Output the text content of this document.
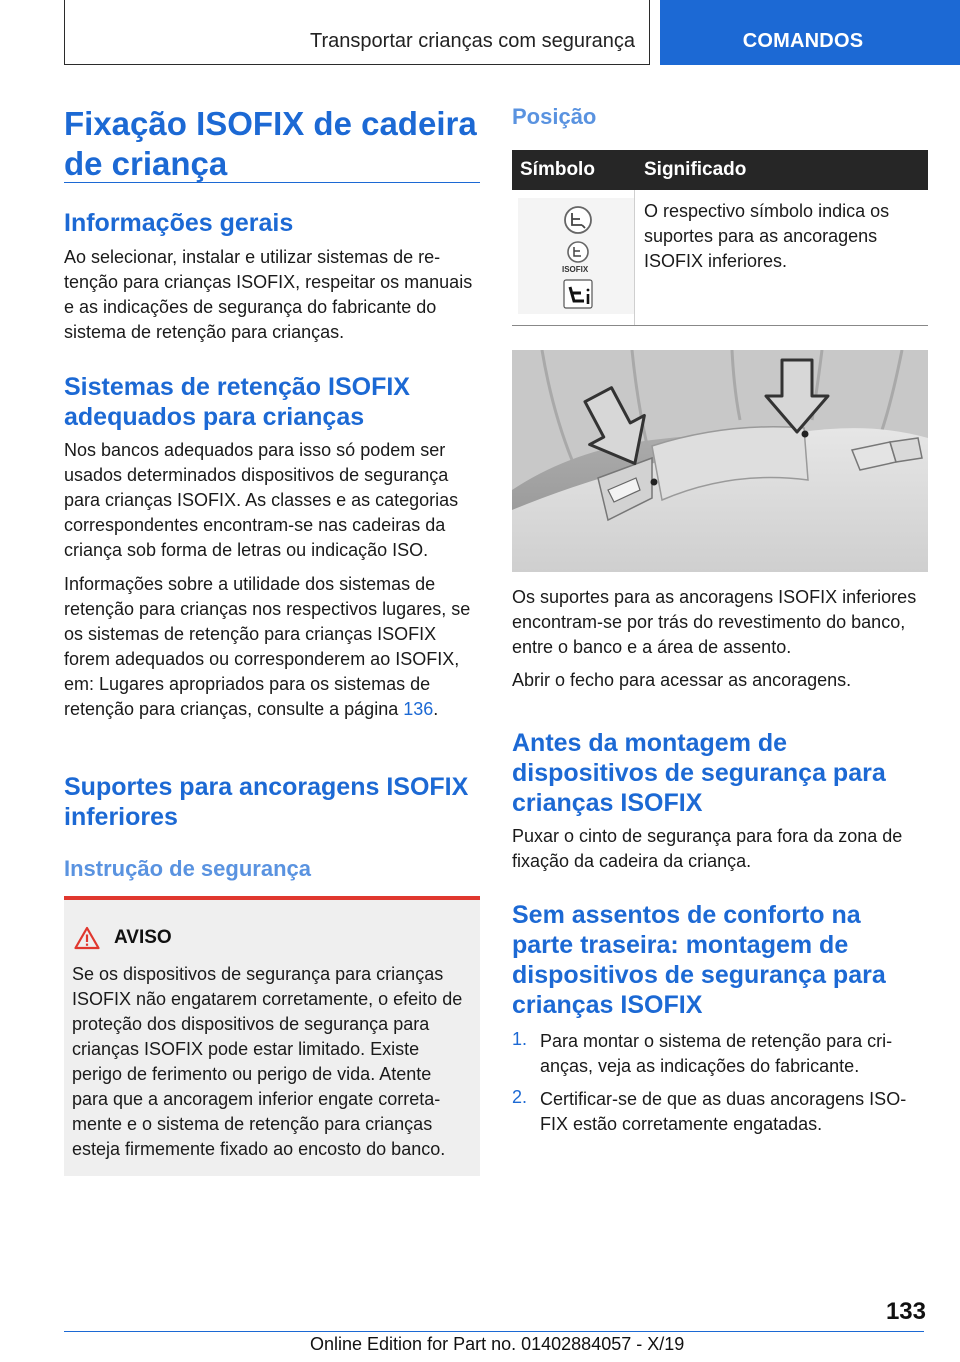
Transportar crianças com segurança	COMANDOS
Fixação ISOFIX de cadeira de criança
Informações gerais
Ao selecionar, instalar e utilizar sistemas de retenção para crianças ISOFIX, respeitar os manuais e as indicações de segurança do fabricante do sistema de retenção para crianças.
Sistemas de retenção ISOFIX adequados para crianças
Nos bancos adequados para isso só podem ser usados determinados dispositivos de segurança para crianças ISOFIX. As classes e as categorias correspondentes encontram-se nas cadeiras da criança sob forma de letras ou indicação ISO.
Informações sobre a utilidade dos sistemas de retenção para crianças nos respectivos lugares, se os sistemas de retenção para crianças ISOFIX forem adequados ou corresponderem ao ISOFIX, em: Lugares apropriados para os sistemas de retenção para crianças, consulte a página 136.
Suportes para ancoragens ISOFIX inferiores
Instrução de segurança
AVISO
Se os dispositivos de segurança para crianças ISOFIX não engatarem corretamente, o efeito de proteção dos dispositivos de segurança para crianças ISOFIX pode estar limitado. Existe perigo de ferimento ou perigo de vida. Atente para que a ancoragem inferior engate corretamente e o sistema de retenção para crianças esteja firmemente fixado ao encosto do banco.
Posição
Símbolo	Significado
ISOFIX
O respectivo símbolo indica os suportes para as ancoragens ISOFIX inferiores.
Os suportes para as ancoragens ISOFIX inferiores encontram-se por trás do revestimento do banco, entre o banco e a área de assento.
Abrir o fecho para acessar as ancoragens.
Antes da montagem de dispositivos de segurança para crianças ISOFIX
Puxar o cinto de segurança para fora da zona de fixação da cadeira da criança.
Sem assentos de conforto na parte traseira: montagem de dispositivos de segurança para crianças ISOFIX
1. Para montar o sistema de retenção para crianças, veja as indicações do fabricante.
2. Certificar-se de que as duas ancoragens ISOFIX estão corretamente engatadas.
133
Online Edition for Part no. 01402884057 - X/19
